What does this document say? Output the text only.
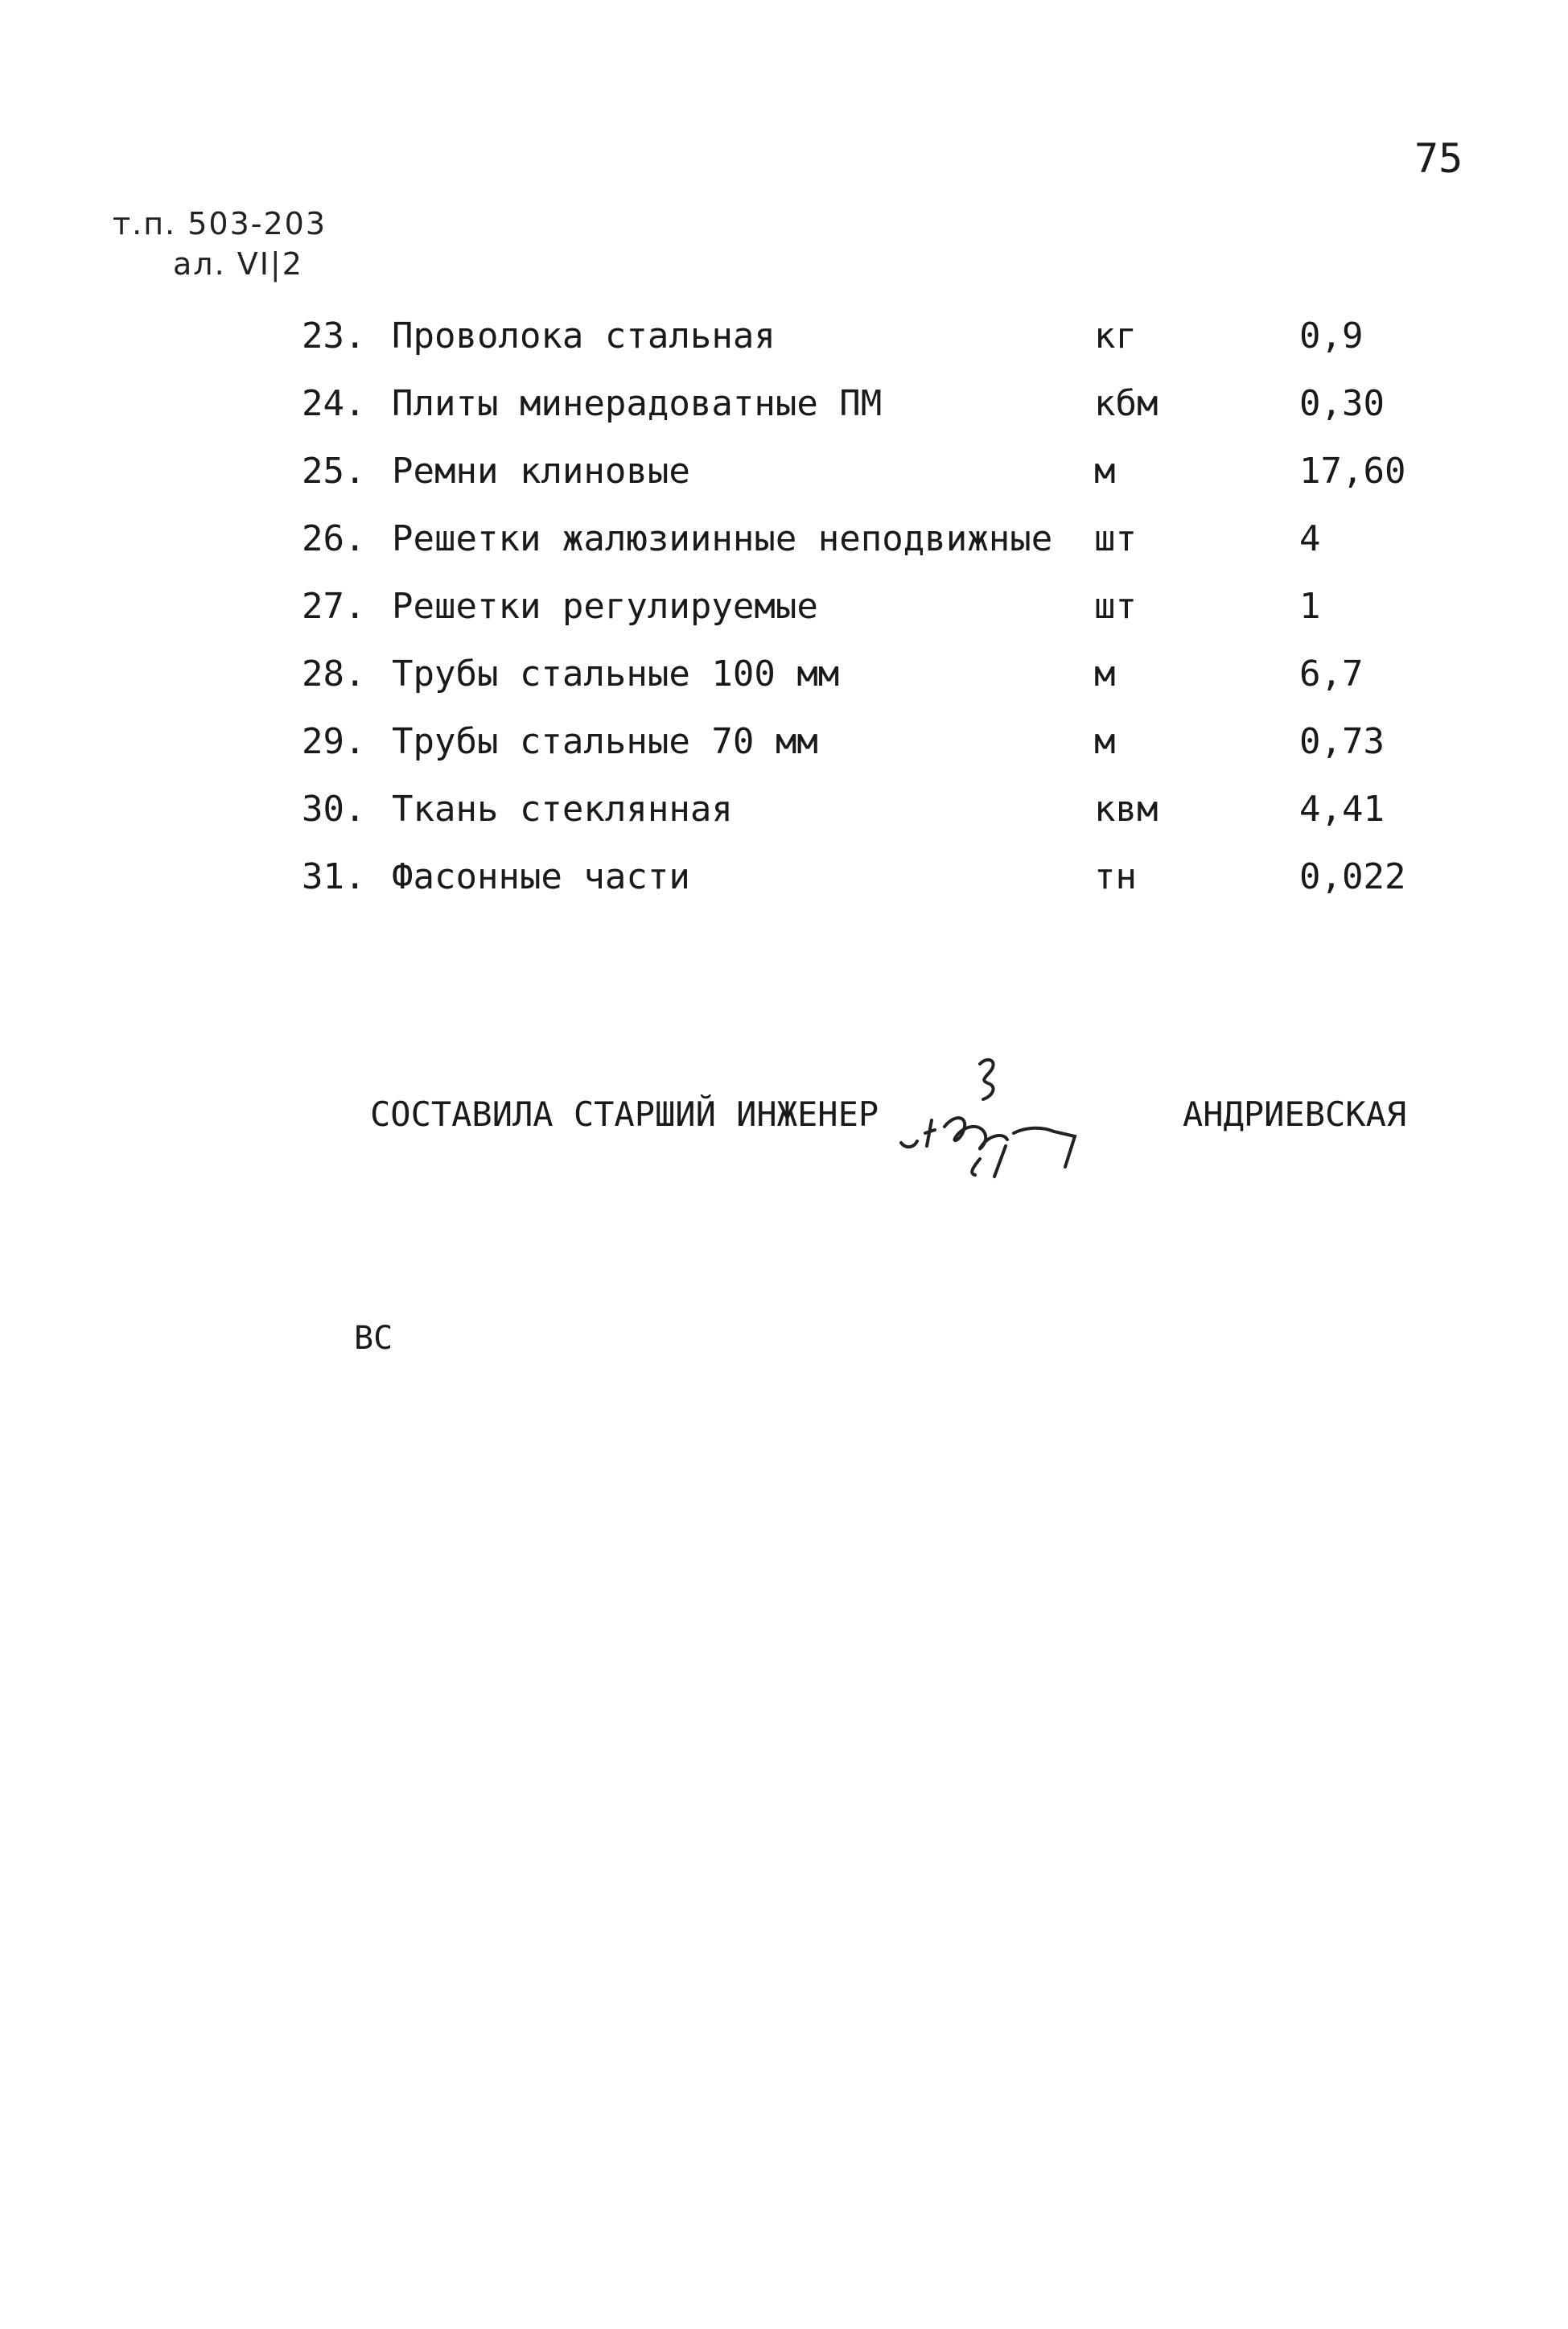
75
т.п. 503-203
ал. VI|2
23. Проволока стальная	кг	0,9
24. Плиты минерадоватные ПМ	кбм	0,30
25. Ремни клиновые	м	17,60
26. Решетки жалюзиинные неподвижные шт	4
27. Решетки регулируемые	шт	1
28. Трубы стальные 100 мм	м	6,7
29. Трубы стальные 70 мм	м	0,73
30. Ткань стеклянная	квм	4,41
31. Фасонные части	тн	0,022
СОСТАВИЛА СТАРШИЙ ИНЖЕНЕР	АНДРИЕВСКАЯ
ВС
